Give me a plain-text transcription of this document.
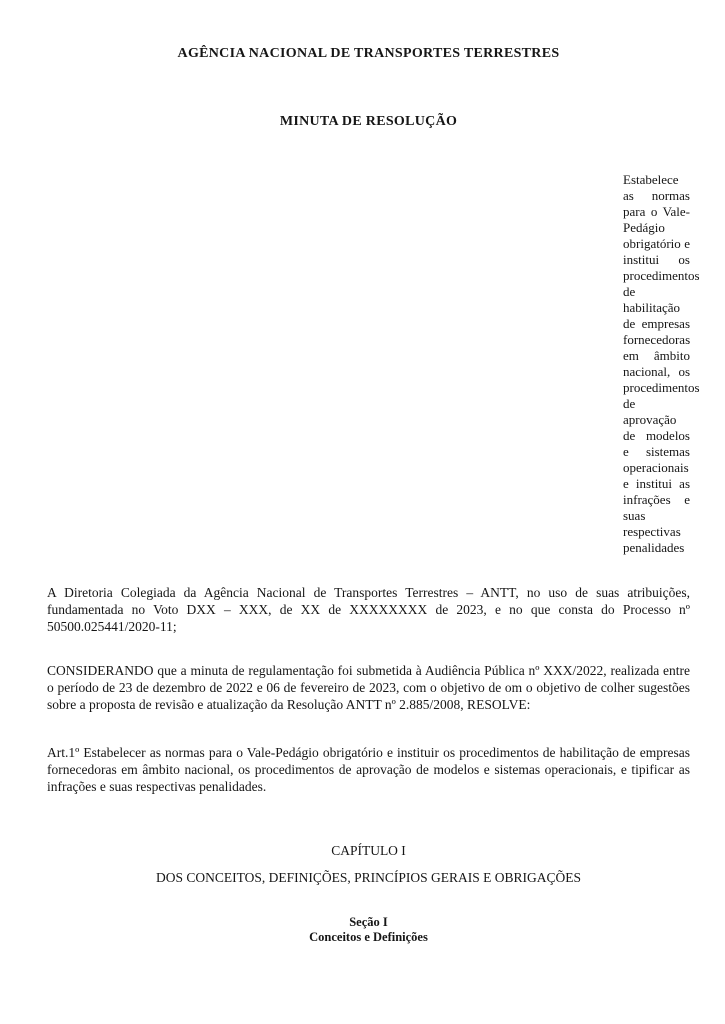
AGÊNCIA NACIONAL DE TRANSPORTES TERRESTRES
MINUTA DE RESOLUÇÃO

Estabelece as normas para o Vale-Pedágio obrigatório e institui os procedimentos de habilitação de empresas fornecedoras em âmbito nacional, os procedimentos de aprovação de modelos e sistemas operacionais e institui as infrações e suas respectivas penalidades

A Diretoria Colegiada da Agência Nacional de Transportes Terrestres – ANTT, no uso de suas atribuições, fundamentada no Voto DXX – XXX, de XX de XXXXXXXX de 2023, e no que consta do Processo nº 50500.025441/2020-11;

CONSIDERANDO que a minuta de regulamentação foi submetida à Audiência Pública nº XXX/2022, realizada entre o período de 23 de dezembro de 2022 e 06 de fevereiro de 2023, com o objetivo de om o objetivo de colher sugestões sobre a proposta de revisão e atualização da Resolução ANTT nº 2.885/2008, RESOLVE:

Art.1º Estabelecer as normas para o Vale-Pedágio obrigatório e instituir os procedimentos de habilitação de empresas fornecedoras em âmbito nacional, os procedimentos de aprovação de modelos e sistemas operacionais, e tipificar as infrações e suas respectivas penalidades.

CAPÍTULO I
DOS CONCEITOS, DEFINIÇÕES, PRINCÍPIOS GERAIS E OBRIGAÇÕES
Seção I
Conceitos e Definições
